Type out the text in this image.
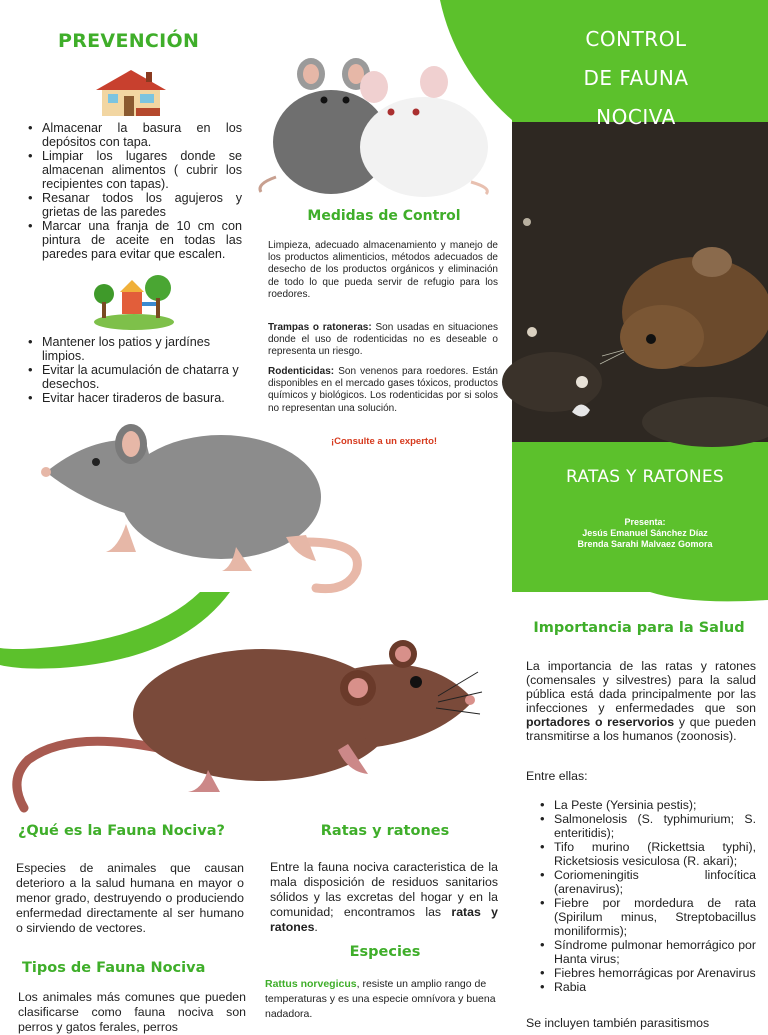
PREVENCIÓN
• Almacenar la basura en los depósitos con tapa.
• Limpiar los lugares donde se almacenan alimentos ( cubrir los recipientes con tapas).
• Resanar todos los agujeros y grietas de las paredes
• Marcar una franja de 10 cm con pintura de aceite en todas las paredes para evitar que escalen.
• Mantener los patios y jardínes limpios.
• Evitar la acumulación de chatarra y desechos.
• Evitar hacer tiraderos de basura.
Medidas de Control

Limpieza, adecuado almacenamiento y manejo de los productos alimenticios, métodos adecuados de desecho de los productos orgánicos y eliminación de todo lo que pueda servir de refugio para los roedores.

Trampas o ratoneras: Son usadas en situaciones donde el uso de rodenticidas no es deseable o representa un riesgo.

Rodenticidas: Son venenos para roedores. Están disponibles en el mercado gases tóxicos, productos químicos y biológicos. Los rodenticidas por si solos no representan una solución.

¡Consulte a un experto!
CONTROL
DE FAUNA
NOCIVA
RATAS Y RATONES
Presenta:
Jesús Emanuel Sánchez Díaz
Brenda Sarahi Malvaez Gomora
¿Qué es la Fauna Nociva?

Especies de animales que causan deterioro a la salud humana en mayor o menor grado, destruyendo o produciendo enfermedad directamente al ser humano o sirviendo de vectores.

Tipos de Fauna Nociva

Los animales más comunes que pueden clasificarse como fauna nociva son perros y gatos ferales, perros

Ratas y ratones

Entre la fauna nociva caracteristica de la mala disposición de residuos sanitarios sólidos y las excretas del hogar y en la comunidad; encontramos las ratas y ratones.

Especies

Rattus norvegicus, resiste un amplio rango de temperaturas y es una especie omnívora y buena nadadora.

Importancia para la Salud

La importancia de las ratas y ratones (comensales y silvestres) para la salud pública está dada principalmente por las infecciones y enfermedades que son portadores o reservorios y que pueden transmitirse a los humanos (zoonosis).

Entre ellas:
• La Peste (Yersinia pestis);
• Salmonelosis (S. typhimurium; S. enteritidis);
• Tifo murino (Rickettsia typhi), Ricketsiosis vesiculosa (R. akari);
• Coriomeningitis linfocítica (arenavirus);
• Fiebre por mordedura de rata (Spirilum minus, Streptobacillus moniliformis);
• Síndrome pulmonar hemorrágico por Hanta virus;
• Fiebres hemorrágicas por Arenavirus
• Rabia

Se incluyen también parasitismos
